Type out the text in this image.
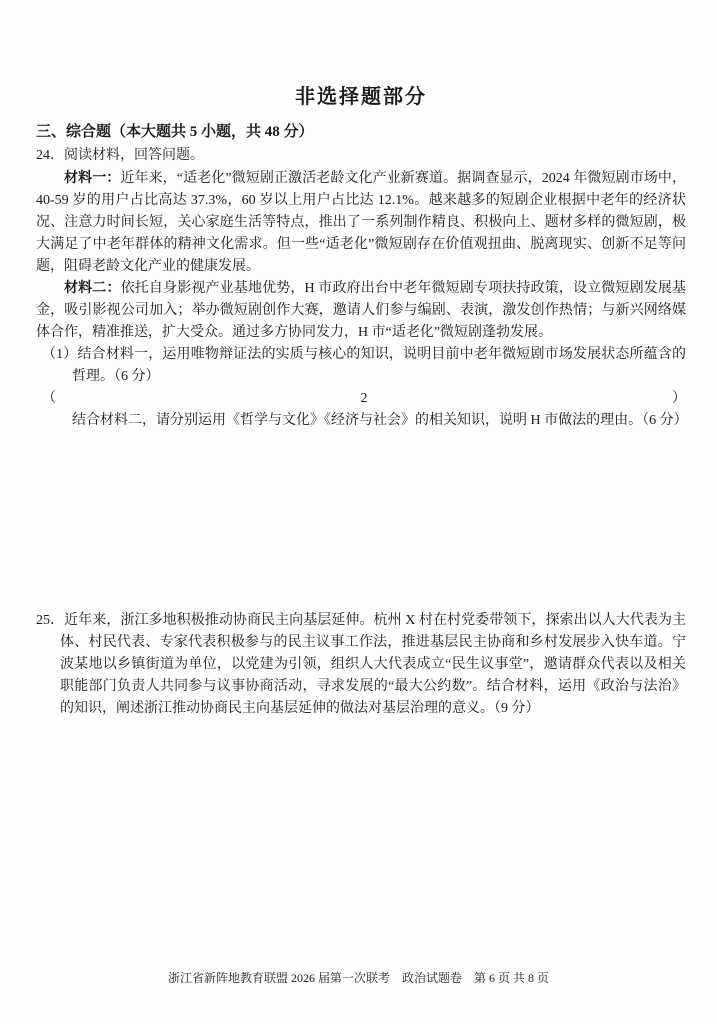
非选择题部分
三、综合题（本大题共 5 小题，共 48 分）

24．阅读材料，回答问题。

材料一：近年来，“适老化”微短剧正激活老龄文化产业新赛道。据调查显示，2024 年微短剧市场中，40-59 岁的用户占比高达 37.3%，60 岁以上用户占比达 12.1%。越来越多的短剧企业根据中老年的经济状况、注意力时间长短，关心家庭生活等特点，推出了一系列制作精良、积极向上、题材多样的微短剧，极大满足了中老年群体的精神文化需求。但一些“适老化”微短剧存在价值观扭曲、脱离现实、创新不足等问题，阻碍老龄文化产业的健康发展。

材料二：依托自身影视产业基地优势，H 市政府出台中老年微短剧专项扶持政策，设立微短剧发展基金，吸引影视公司加入；举办微短剧创作大赛，邀请人们参与编剧、表演，激发创作热情；与新兴网络媒体合作，精准推送，扩大受众。通过多方协同发力，H 市“适老化”微短剧蓬勃发展。

（1）结合材料一，运用唯物辩证法的实质与核心的知识，说明目前中老年微短剧市场发展状态所蕴含的哲理。（6 分）

（2）结合材料二，请分别运用《哲学与文化》《经济与社会》的相关知识，说明 H 市做法的理由。（6 分）

25．近年来，浙江多地积极推动协商民主向基层延伸。杭州 X 村在村党委带领下，探索出以人大代表为主体、村民代表、专家代表积极参与的民主议事工作法，推进基层民主协商和乡村发展步入快车道。宁波某地以乡镇街道为单位，以党建为引领，组织人大代表成立“民生议事堂”，邀请群众代表以及相关职能部门负责人共同参与议事协商活动，寻求发展的“最大公约数”。结合材料，运用《政治与法治》的知识，阐述浙江推动协商民主向基层延伸的做法对基层治理的意义。（9 分）

浙江省新阵地教育联盟 2026 届第一次联考　政治试题卷　第 6 页 共 8 页
